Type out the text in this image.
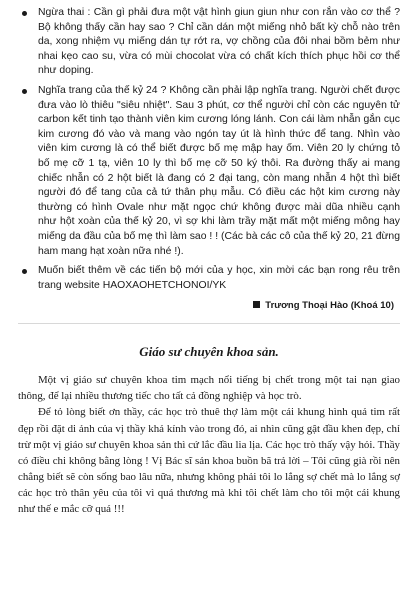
Ngừa thai : Cần gì phải đưa một vật hình giun giun như con rắn vào cơ thể ? Bộ không thấy cần hay sao ? Chỉ cần dán một miếng nhỏ bất kỳ chỗ nào trên da, xong nhiệm vụ miếng dán tự rớt ra, vợ chồng của đôi nhai bồm bẻm như nhai kẹo cao su, vừa có mùi chocolat vừa có chất kích thích phục hồi cơ thể như doping.
Nghĩa trang của thế kỷ 24 ? Không cần phải lập nghĩa trang. Người chết được đưa vào lò thiêu "siêu nhiệt". Sau 3 phút, cơ thể người chỉ còn các nguyên tử carbon kết tinh tạo thành viên kim cương lóng lánh. Con cái làm nhẫn gắn cục kim cương đó vào và mang vào ngón tay út là hình thức để tang. Nhìn vào viên kim cương là có thể biết được bố mẹ mập hay ốm. Viên 20 ly chứng tỏ bố mẹ cỡ 1 tạ, viên 10 ly thì bố mẹ cỡ 50 ký thôi. Ra đường thấy ai mang chiếc nhẫn có 2 hột biết là đang có 2 đại tang, còn mang nhẫn 4 hột thì biết người đó để tang của cả tứ thân phụ mẫu. Có điều các hột kim cương này thường có hình Ovale như mặt ngọc chứ không được mài dũa nhiều cạnh như hột xoàn của thế kỷ 20, vì sợ khi làm trầy mặt mất một miếng mông hay miếng da đầu của bố mẹ thì làm sao ! ! (Các bà các cô của thế kỷ 20, 21 đừng ham mang hạt xoàn nữa nhé !).
Muốn biết thêm về các tiến bộ mới của y học, xin mời các bạn rong rêu trên trang website HAOXAOHETCHONOI/YK
Trương Thoại Hào (Khoá 10)
Giáo sư chuyên khoa sản.

Một vị giáo sư chuyên khoa tim mạch nổi tiếng bị chết trong một tai nạn giao thông, để lại nhiều thương tiếc cho tất cả đồng nghiệp và học trò.

Để tỏ lòng biết ơn thầy, các học trò thuê thợ làm một cái khung hình quả tim rất đẹp rồi đặt di ảnh của vị thầy khả kính vào trong đó, ai nhìn cũng gật đầu khen đẹp, chỉ trừ một vị giáo sư chuyên khoa sản thì cứ lắc đầu lia lịa. Các học trò thấy vậy hỏi. Thầy có điều chi không bằng lòng ! Vị Bác sĩ sản khoa buồn bã trả lời – Tôi cũng già rồi nên chẳng biết sẽ còn sống bao lâu nữa, nhưng không phải tôi lo lắng sợ chết mà lo lắng sợ các học trò thân yêu của tôi vì quá thương mà khi tôi chết làm cho tôi một cái khung như thế e mắc cỡ quá !!!
